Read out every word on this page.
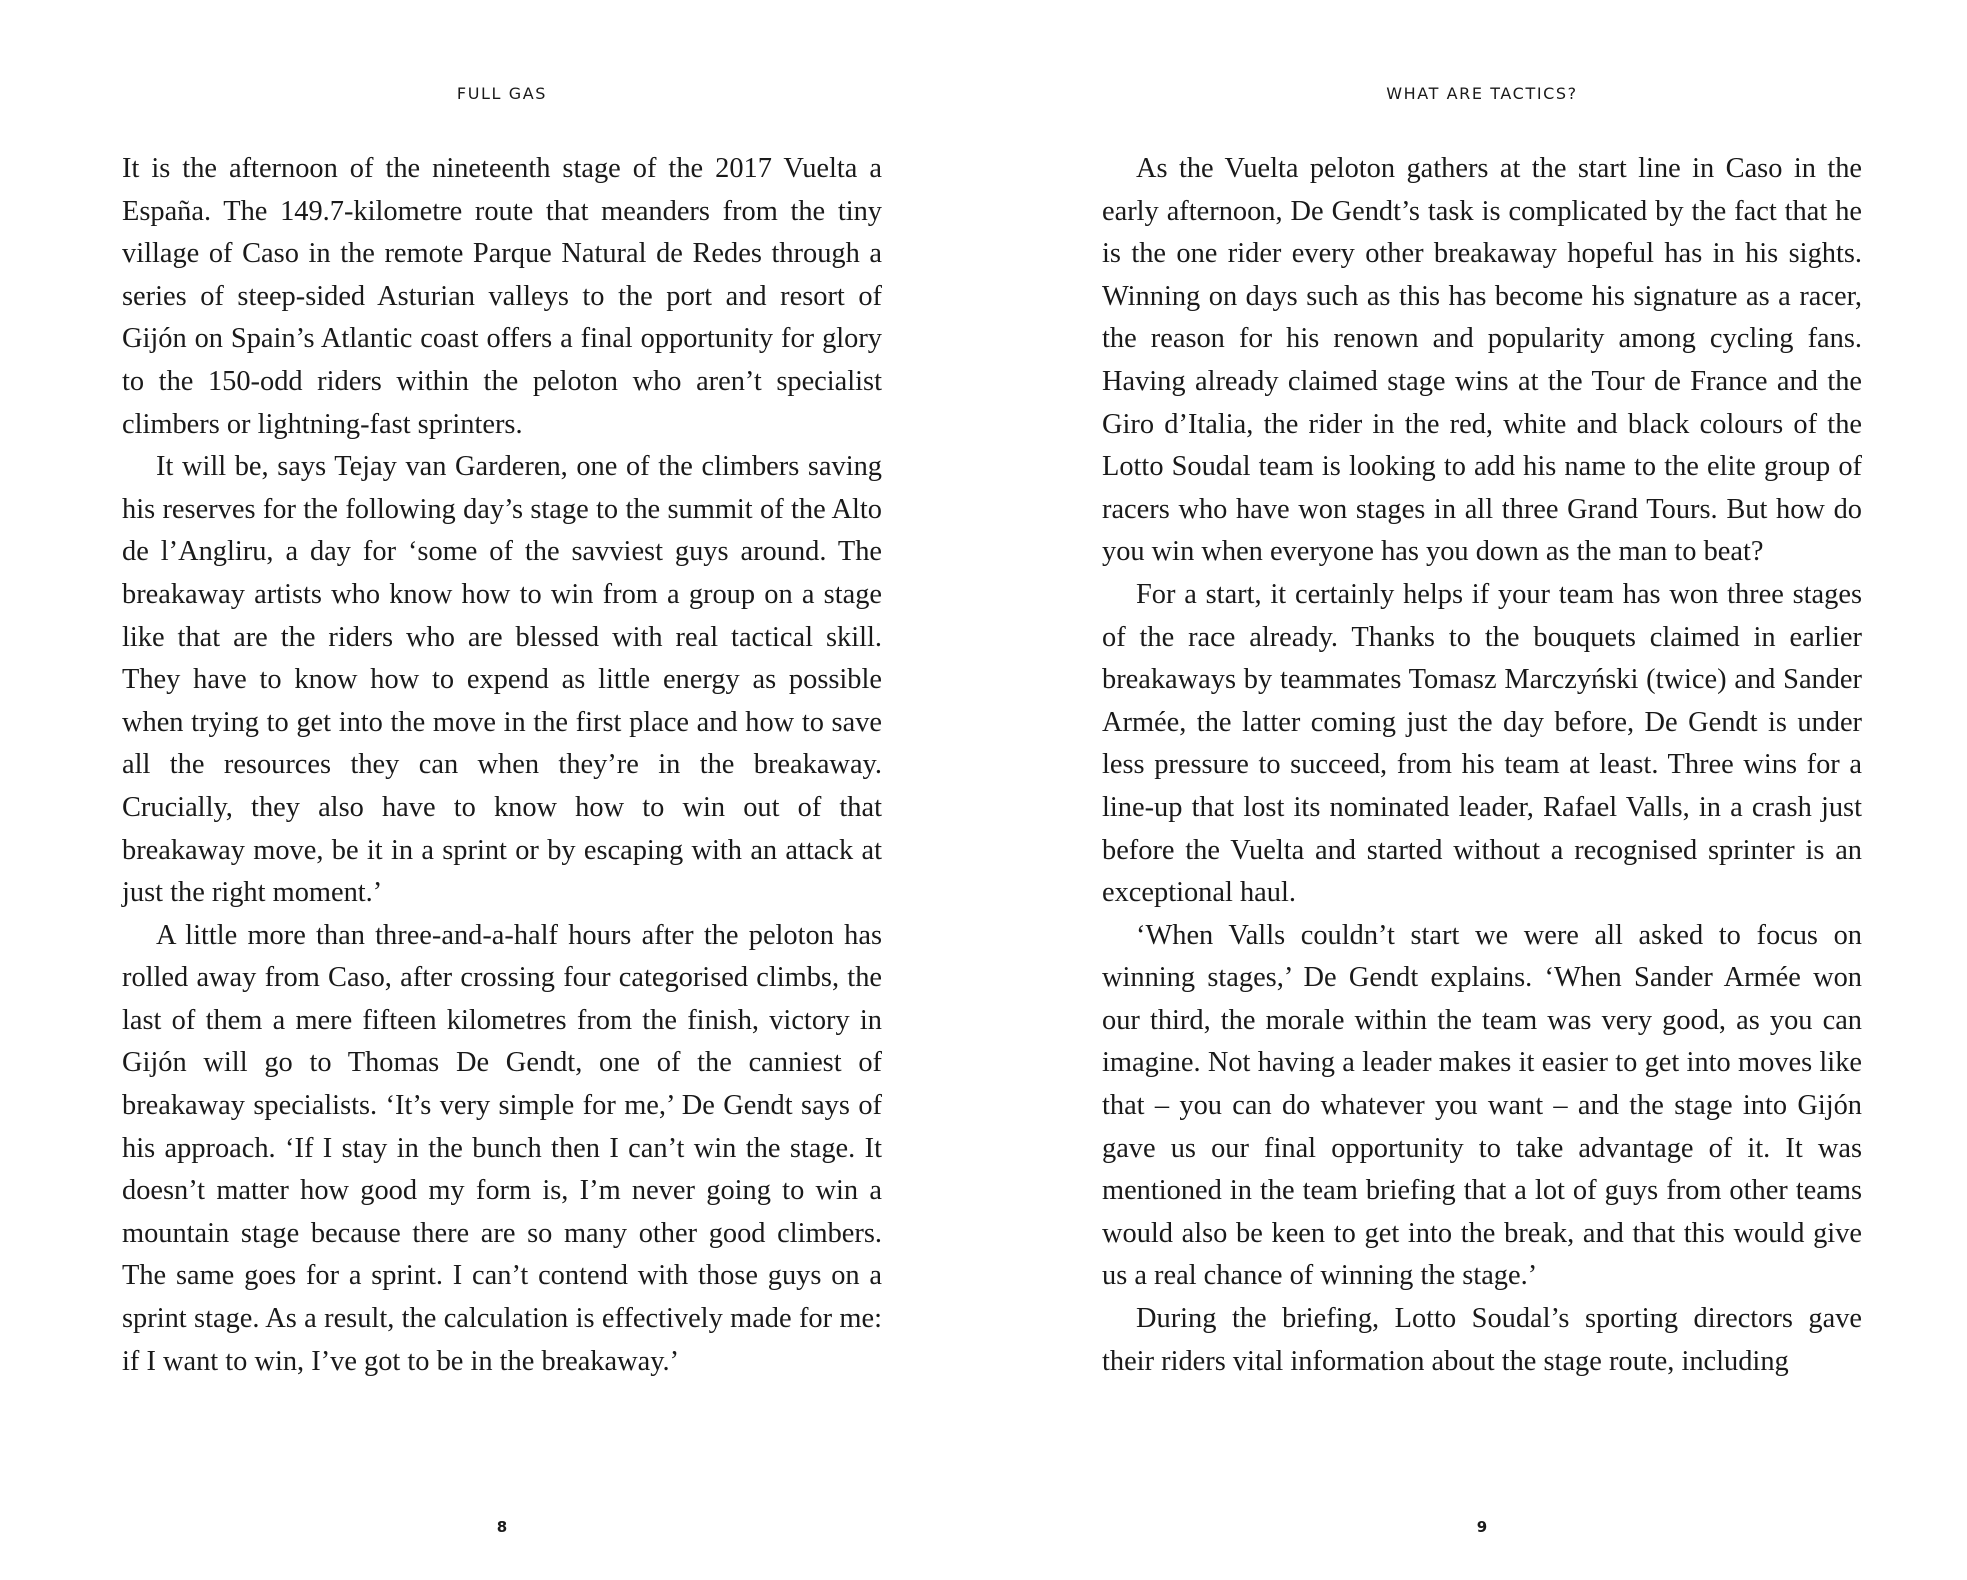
FULL GAS

It is the afternoon of the nineteenth stage of the 2017 Vuelta a España. The 149.7-kilometre route that meanders from the tiny village of Caso in the remote Parque Natural de Redes through a series of steep-sided Asturian valleys to the port and resort of Gijón on Spain’s Atlantic coast offers a final opportunity for glory to the 150-odd riders within the peloton who aren’t specialist climbers or lightning-fast sprinters.

It will be, says Tejay van Garderen, one of the climbers saving his reserves for the following day’s stage to the summit of the Alto de l’Angliru, a day for ‘some of the savviest guys around. The breakaway artists who know how to win from a group on a stage like that are the riders who are blessed with real tactical skill. They have to know how to expend as little energy as possible when trying to get into the move in the first place and how to save all the resources they can when they’re in the breakaway. Crucially, they also have to know how to win out of that breakaway move, be it in a sprint or by escaping with an attack at just the right moment.’

A little more than three-and-a-half hours after the peloton has rolled away from Caso, after crossing four categorised climbs, the last of them a mere fifteen kilometres from the finish, victory in Gijón will go to Thomas De Gendt, one of the canniest of breakaway specialists. ‘It’s very simple for me,’ De Gendt says of his approach. ‘If I stay in the bunch then I can’t win the stage. It doesn’t matter how good my form is, I’m never going to win a mountain stage because there are so many other good climbers. The same goes for a sprint. I can’t contend with those guys on a sprint stage. As a result, the calculation is effectively made for me: if I want to win, I’ve got to be in the breakaway.’

8
WHAT ARE TACTICS?

As the Vuelta peloton gathers at the start line in Caso in the early afternoon, De Gendt’s task is complicated by the fact that he is the one rider every other breakaway hopeful has in his sights. Winning on days such as this has become his signature as a racer, the reason for his renown and popularity among cycling fans. Having already claimed stage wins at the Tour de France and the Giro d’Italia, the rider in the red, white and black colours of the Lotto Soudal team is looking to add his name to the elite group of racers who have won stages in all three Grand Tours. But how do you win when everyone has you down as the man to beat?

For a start, it certainly helps if your team has won three stages of the race already. Thanks to the bouquets claimed in earlier breakaways by teammates Tomasz Marczyński (twice) and Sander Armée, the latter coming just the day before, De Gendt is under less pressure to succeed, from his team at least. Three wins for a line-up that lost its nominated leader, Rafael Valls, in a crash just before the Vuelta and started without a recognised sprinter is an exceptional haul.

‘When Valls couldn’t start we were all asked to focus on winning stages,’ De Gendt explains. ‘When Sander Armée won our third, the morale within the team was very good, as you can imagine. Not having a leader makes it easier to get into moves like that – you can do whatever you want – and the stage into Gijón gave us our final opportunity to take advantage of it. It was mentioned in the team briefing that a lot of guys from other teams would also be keen to get into the break, and that this would give us a real chance of winning the stage.’

During the briefing, Lotto Soudal’s sporting directors gave their riders vital information about the stage route, including

9
